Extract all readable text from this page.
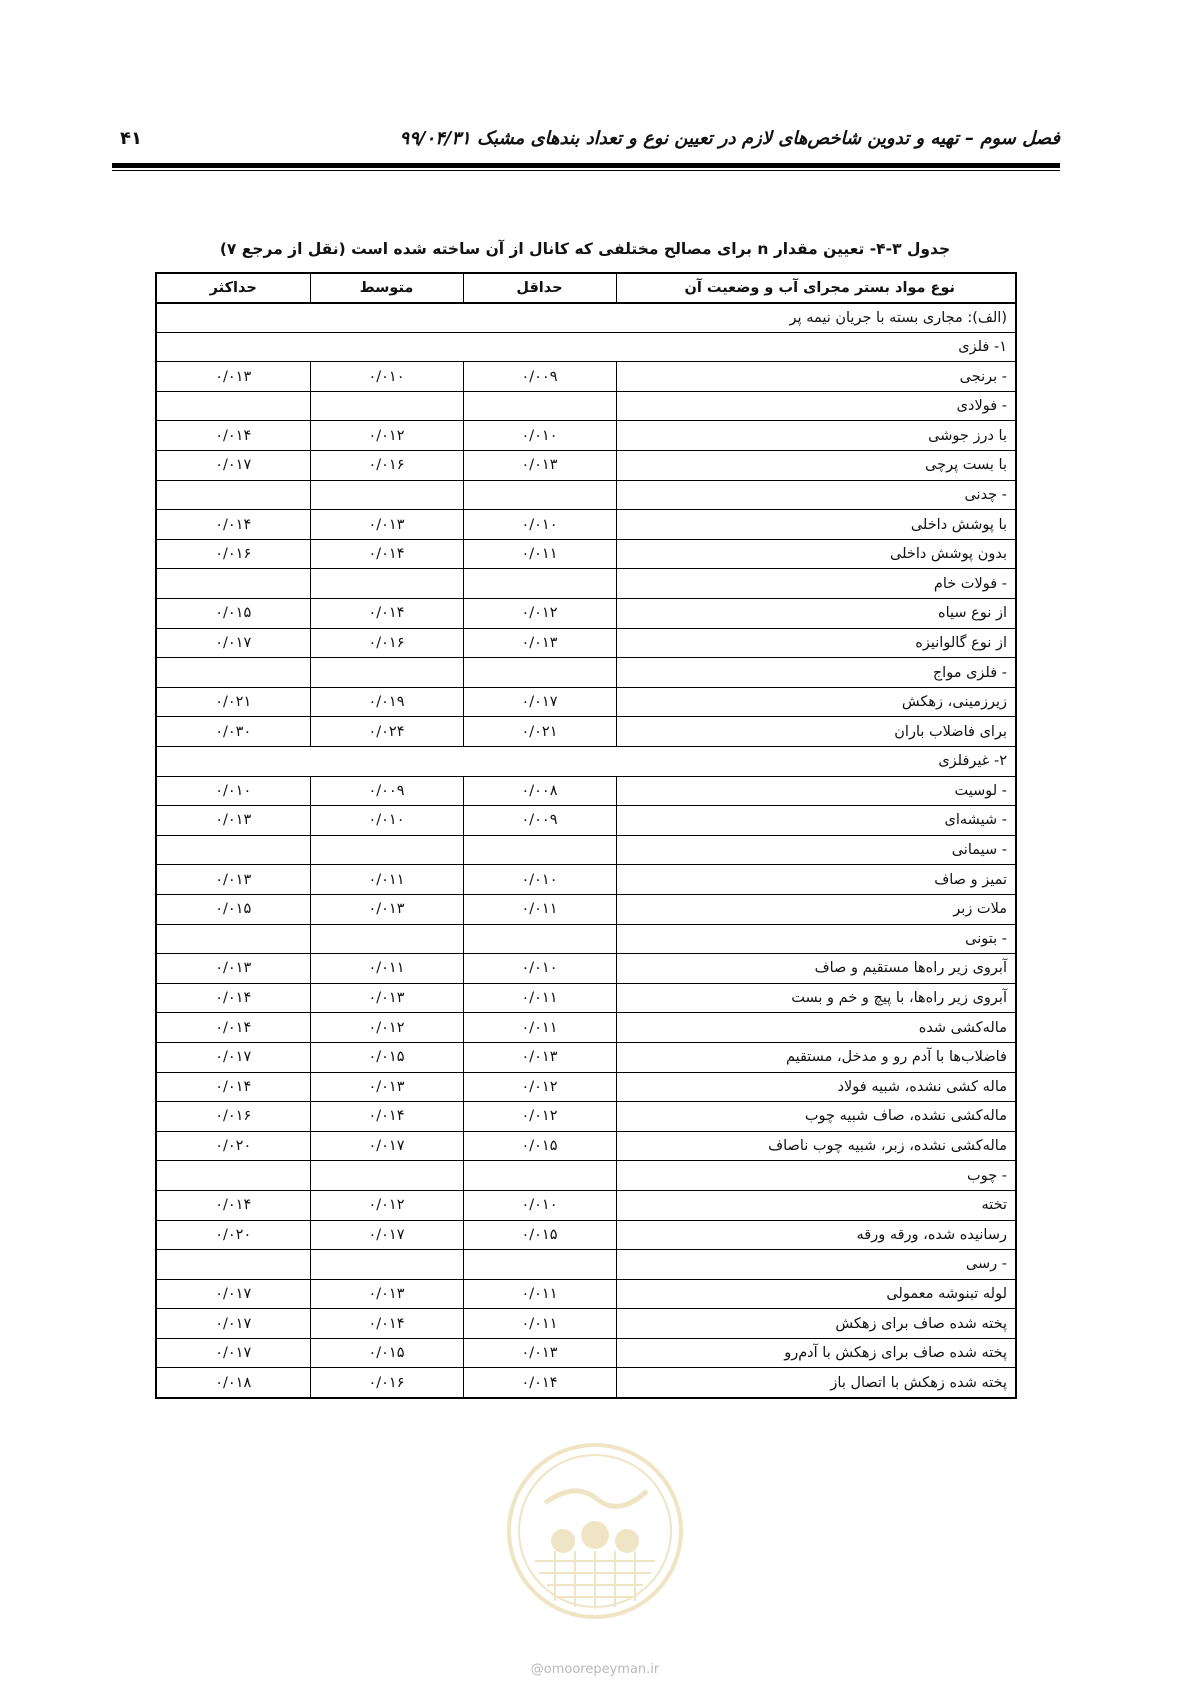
فصل سوم – تهیه و تدوین شاخص‌های لازم در تعیین نوع و تعداد بندهای مشبک ۹۹/۰۴/۳۱
۴۱
جدول ۳-۴- تعیین مقدار n برای مصالح مختلفی که کانال از آن ساخته شده است (نقل از مرجع ۷)
نوع مواد بستر مجرای آب و وضعیت آن	حداقل	متوسط	حداکثر
(الف): مجاری بسته با جریان نیمه پر			
۱- فلزی			
- برنجی	۰/۰۰۹	۰/۰۱۰	۰/۰۱۳
- فولادی			
با درز جوشی	۰/۰۱۰	۰/۰۱۲	۰/۰۱۴
با بست پرچی	۰/۰۱۳	۰/۰۱۶	۰/۰۱۷
- چدنی			
با پوشش داخلی	۰/۰۱۰	۰/۰۱۳	۰/۰۱۴
بدون پوشش داخلی	۰/۰۱۱	۰/۰۱۴	۰/۰۱۶
- فولات خام			
از نوع سیاه	۰/۰۱۲	۰/۰۱۴	۰/۰۱۵
از نوع گالوانیزه	۰/۰۱۳	۰/۰۱۶	۰/۰۱۷
- فلزی مواج			
زیرزمینی، زهکش	۰/۰۱۷	۰/۰۱۹	۰/۰۲۱
برای فاضلاب باران	۰/۰۲۱	۰/۰۲۴	۰/۰۳۰
۲- غیرفلزی			
- لوسیت	۰/۰۰۸	۰/۰۰۹	۰/۰۱۰
- شیشه‌ای	۰/۰۰۹	۰/۰۱۰	۰/۰۱۳
- سیمانی			
تمیز و صاف	۰/۰۱۰	۰/۰۱۱	۰/۰۱۳
ملات زبر	۰/۰۱۱	۰/۰۱۳	۰/۰۱۵
- بتونی			
آبروی زیر راه‌ها مستقیم و صاف	۰/۰۱۰	۰/۰۱۱	۰/۰۱۳
آبروی زیر راه‌ها، با پیچ و خم و بست	۰/۰۱۱	۰/۰۱۳	۰/۰۱۴
ماله‌کشی شده	۰/۰۱۱	۰/۰۱۲	۰/۰۱۴
فاضلاب‌ها با آدم رو و مدخل، مستقیم	۰/۰۱۳	۰/۰۱۵	۰/۰۱۷
ماله کشی نشده، شبیه فولاد	۰/۰۱۲	۰/۰۱۳	۰/۰۱۴
ماله‌کشی نشده، صاف شبیه چوب	۰/۰۱۲	۰/۰۱۴	۰/۰۱۶
ماله‌کشی نشده، زبر، شبیه چوب ناصاف	۰/۰۱۵	۰/۰۱۷	۰/۰۲۰
- چوب			
تخته	۰/۰۱۰	۰/۰۱۲	۰/۰۱۴
رسانیده شده، ورقه ورقه	۰/۰۱۵	۰/۰۱۷	۰/۰۲۰
- رسی			
لوله تبنوشه معمولی	۰/۰۱۱	۰/۰۱۳	۰/۰۱۷
پخته شده صاف برای زهکش	۰/۰۱۱	۰/۰۱۴	۰/۰۱۷
پخته شده صاف برای زهکش با آدم‌رو	۰/۰۱۳	۰/۰۱۵	۰/۰۱۷
پخته شده زهکش با اتصال باز	۰/۰۱۴	۰/۰۱۶	۰/۰۱۸
@omoorepeyman.ir
